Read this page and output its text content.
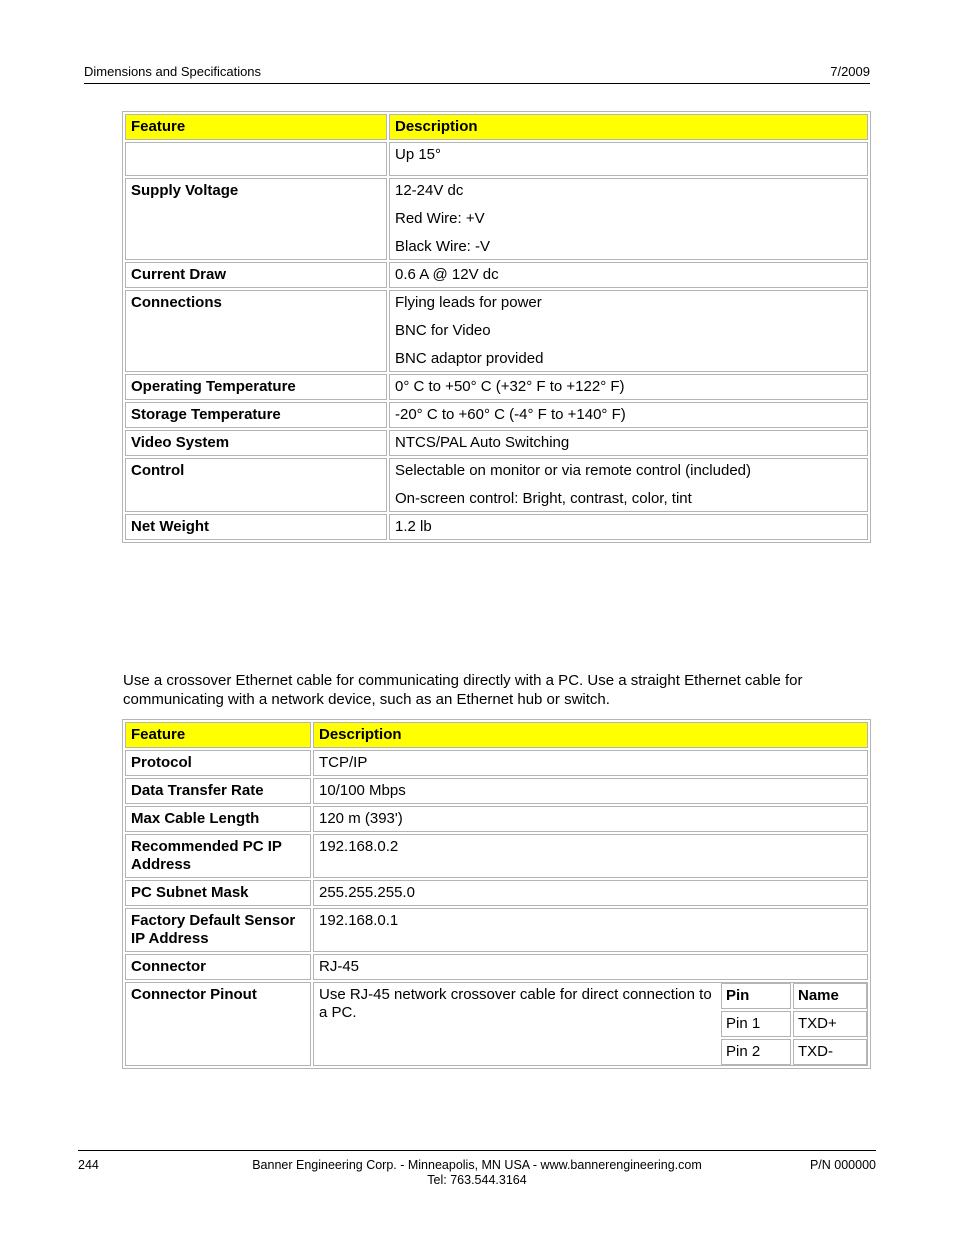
Dimensions and Specifications	7/2009
Feature	Description

	Up 15°

Supply Voltage	12-24V dc

Red Wire: +V

Black Wire: -V

Current Draw	0.6 A @ 12V dc

Connections	Flying leads for power

BNC for Video

BNC adaptor provided

Operating Temperature	0° C to +50° C (+32° F to +122° F)

Storage Temperature	-20° C to +60° C (-4° F to +140° F)

Video System	NTCS/PAL Auto Switching

Control	Selectable on monitor or via remote control (included)

On-screen control: Bright, contrast, color, tint

Net Weight	1.2 lb

Use a crossover Ethernet cable for communicating directly with a PC. Use a straight Ethernet cable for communicating with a network device, such as an Ethernet hub or switch.
Feature	Description
Protocol	TCP/IP
Data Transfer Rate	10/100 Mbps
Max Cable Length	120 m (393')
Recommended PC IP Address	192.168.0.2
PC Subnet Mask	255.255.255.0
Factory Default Sensor IP Address	192.168.0.1
Connector	RJ-45
Connector Pinout	Use RJ-45 network crossover cable for direct connection to a PC.
Pin	Name
Pin 1	TXD+
Pin 2	TXD-
244	Banner Engineering Corp. - Minneapolis, MN USA - www.bannerengineering.com
Tel: 763.544.3164
P/N 000000
